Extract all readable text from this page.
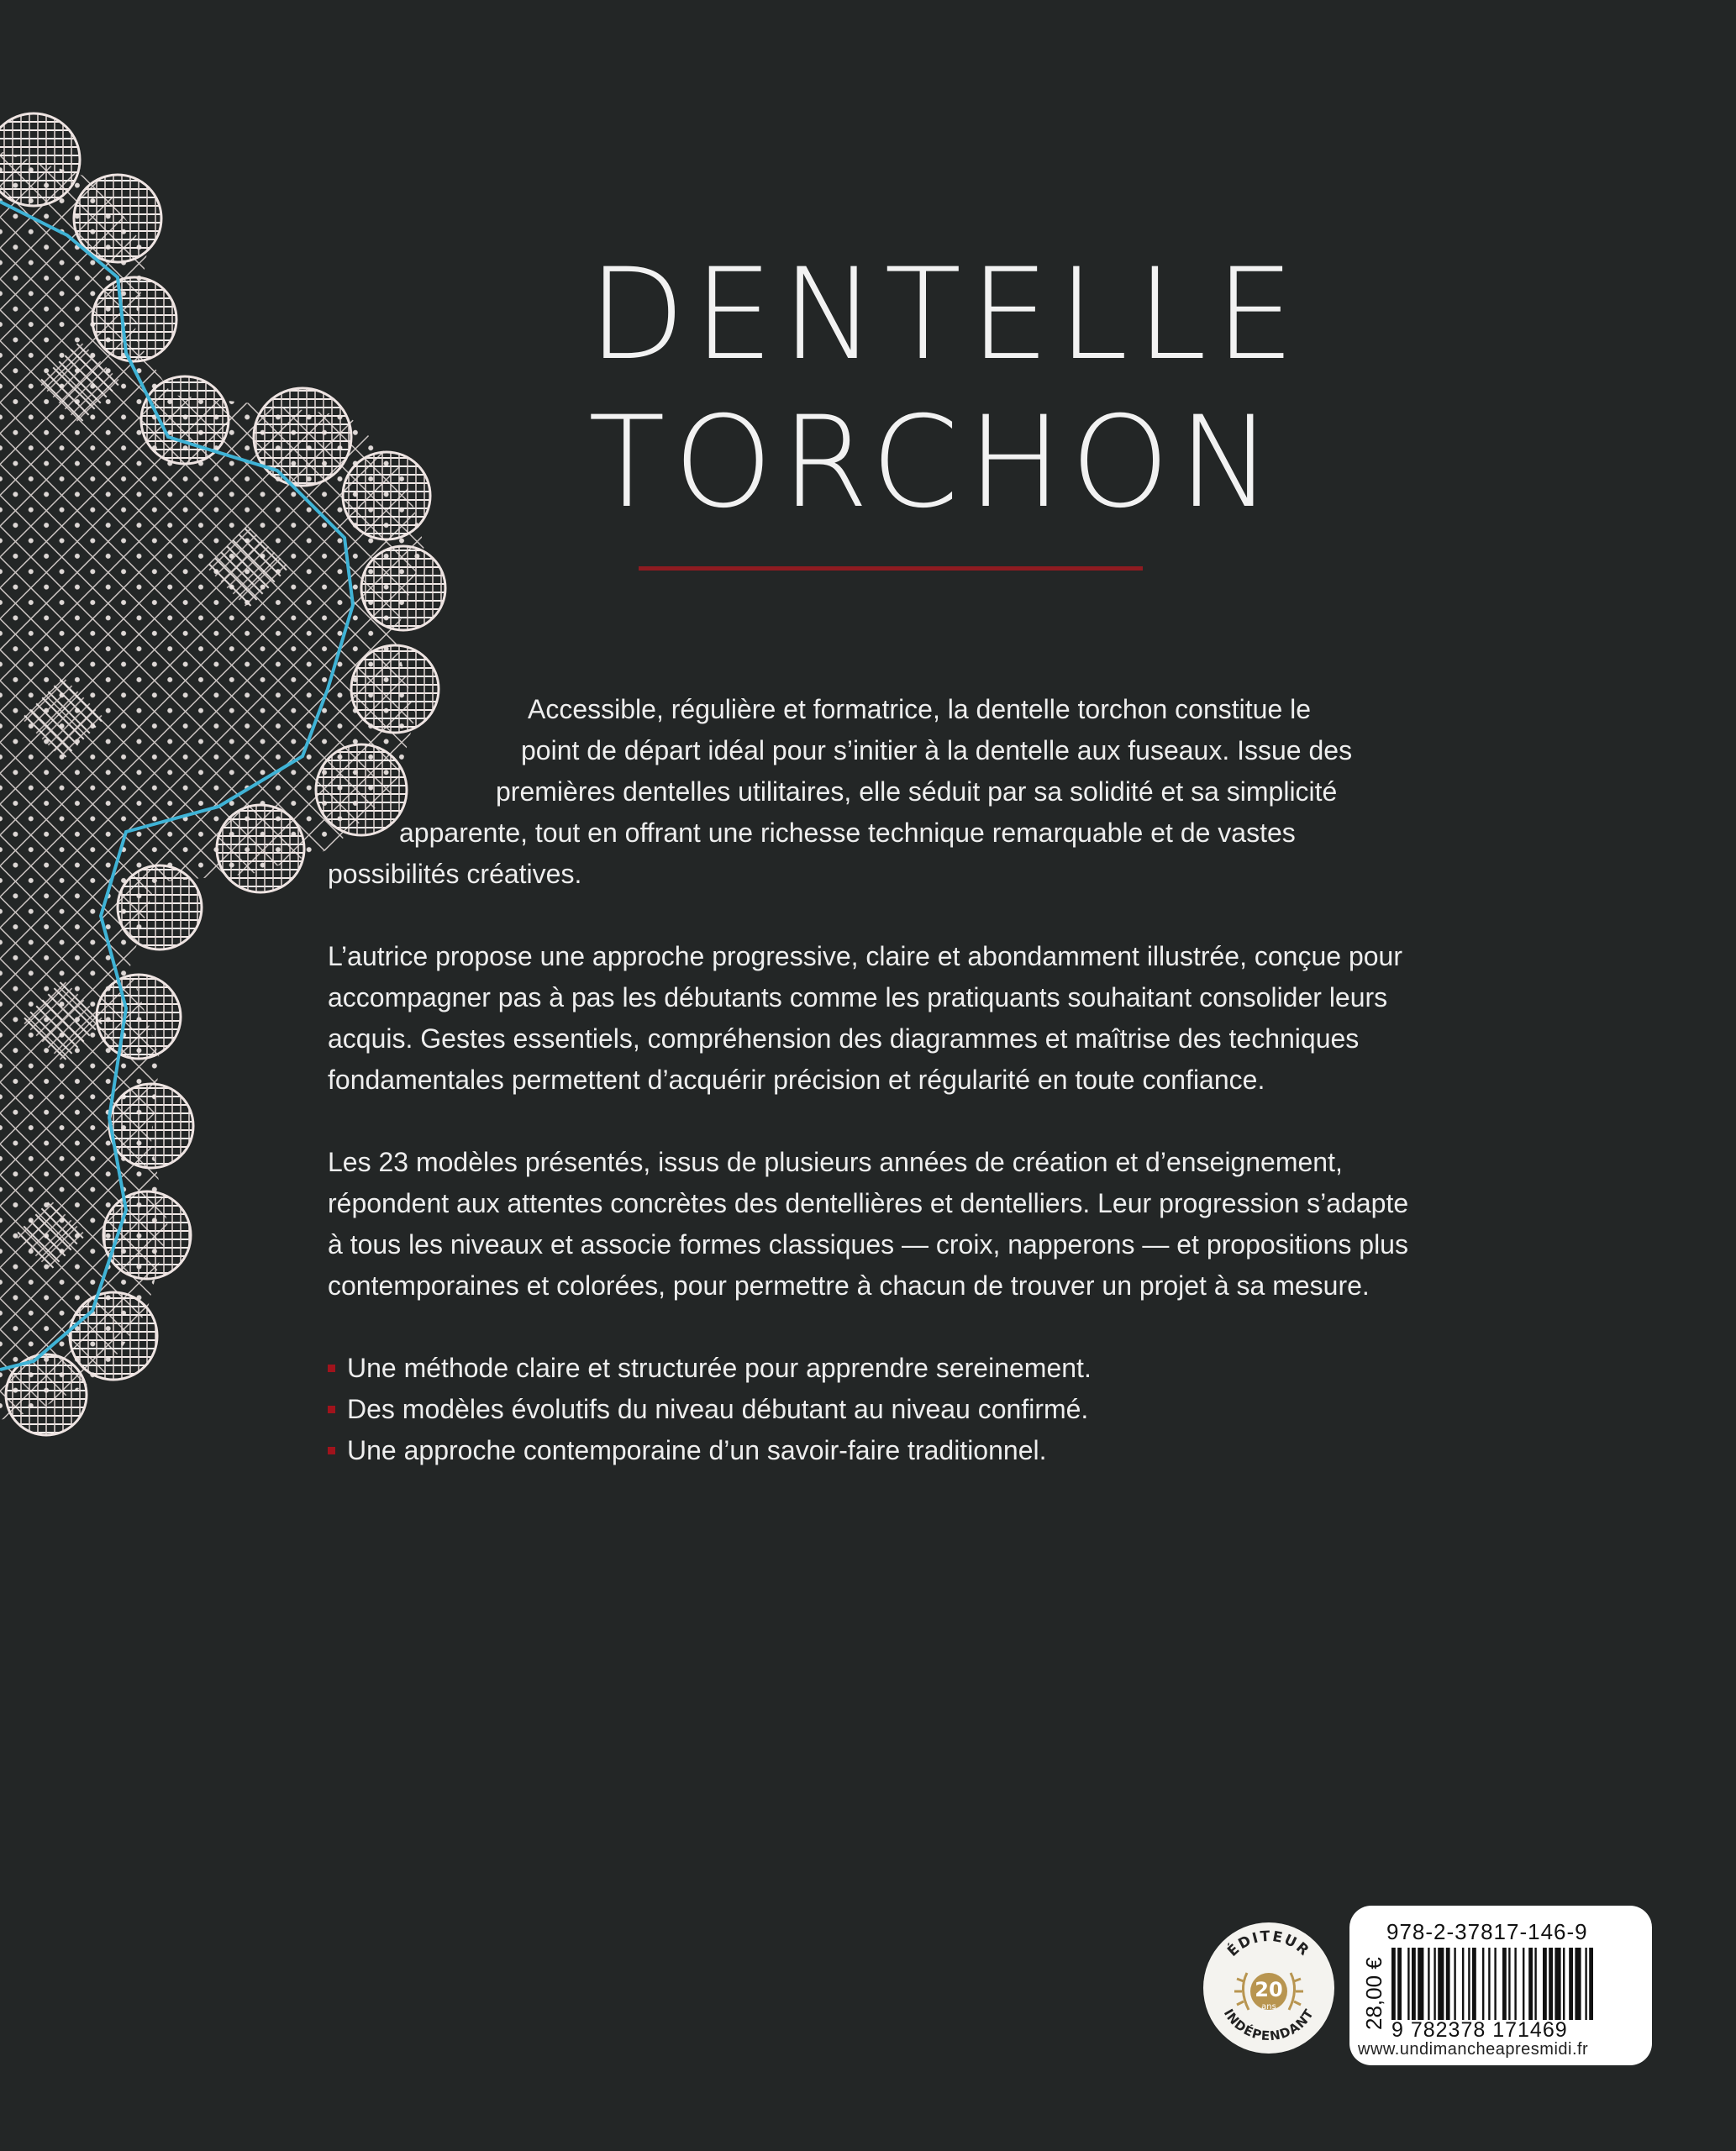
DENTELLE
TORCHON

Accessible, régulière et formatrice, la dentelle torchon constitue le
point de départ idéal pour s’initier à la dentelle aux fuseaux. Issue des
premières dentelles utilitaires, elle séduit par sa solidité et sa simplicité
apparente, tout en offrant une richesse technique remarquable et de vastes
possibilités créatives.

L’autrice propose une approche progressive, claire et abondamment illustrée, conçue pour accompagner pas à pas les débutants comme les pratiquants souhaitant consolider leurs acquis. Gestes essentiels, compréhension des diagrammes et maîtrise des techniques fondamentales permettent d’acquérir précision et régularité en toute confiance.

Les 23 modèles présentés, issus de plusieurs années de création et d’enseignement, répondent aux attentes concrètes des dentellières et dentelliers. Leur progression s’adapte à tous les niveaux et associe formes classiques — croix, napperons — et propositions plus contemporaines et colorées, pour permettre à chacun de trouver un projet à sa mesure.

Une méthode claire et structurée pour apprendre sereinement.
Des modèles évolutifs du niveau débutant au niveau confirmé.
Une approche contemporaine d’un savoir-faire traditionnel.
ÉDITEUR
INDÉPENDANT
20
ans
978-2-37817-146-9
28,00 € 9 782378 171469
www.undimancheapresmidi.fr
